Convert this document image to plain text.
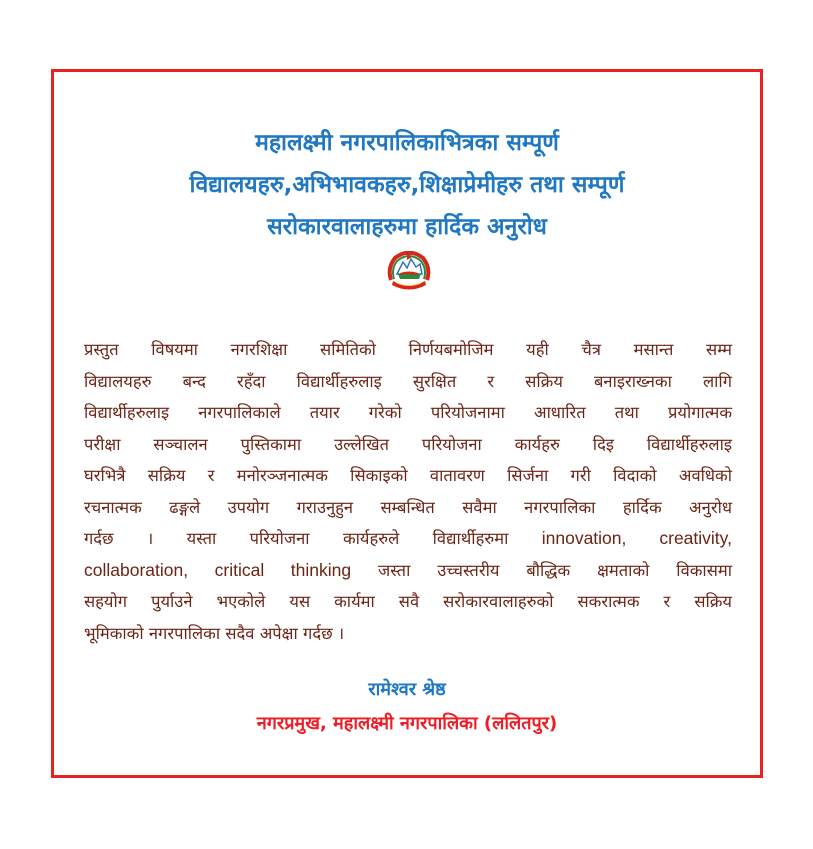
महालक्ष्मी नगरपालिकाभित्रका सम्पूर्ण
विद्यालयहरु,अभिभावकहरु,शिक्षाप्रेमीहरु तथा सम्पूर्ण
सरोकारवालाहरुमा हार्दिक अनुरोध
प्रस्तुत विषयमा नगरशिक्षा समितिको निर्णयबमोजिम यही चैत्र मसान्त सम्म
विद्यालयहरु बन्द रहँदा विद्यार्थीहरुलाइ सुरक्षित र सक्रिय बनाइराख्नका लागि
विद्यार्थीहरुलाइ नगरपालिकाले तयार गरेको परियोजनामा आधारित तथा प्रयोगात्मक
परीक्षा सञ्चालन पुस्तिकामा उल्लेखित परियोजना कार्यहरु दिइ विद्यार्थीहरुलाइ
घरभित्रै सक्रिय र मनोरञ्जनात्मक सिकाइको वातावरण सिर्जना गरी विदाको अवधिको
रचनात्मक ढङ्गले उपयोग गराउनुहुन सम्बन्धित सवैमा नगरपालिका हार्दिक अनुरोध
गर्दछ । यस्ता परियोजना कार्यहरुले विद्यार्थीहरुमा innovation, creativity,
collaboration, critical thinking जस्ता उच्चस्तरीय बौद्धिक क्षमताको विकासमा
सहयोग पुर्याउने भएकोले यस कार्यमा सवै सरोकारवालाहरुको सकरात्मक र सक्रिय
भूमिकाको नगरपालिका सदैव अपेक्षा गर्दछ ।
रामेश्वर श्रेष्ठ
नगरप्रमुख, महालक्ष्मी नगरपालिका (ललितपुर)
